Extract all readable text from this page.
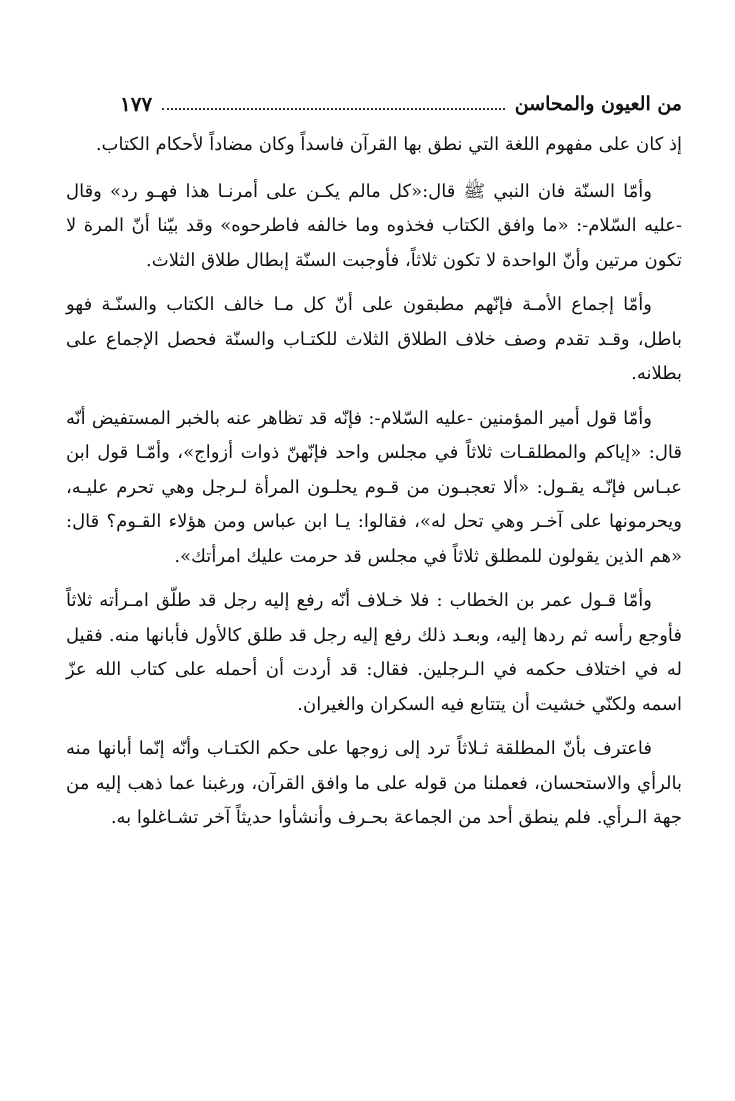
من العيون والمحاسن
١٧٧

إذ كان على مفهوم اللغة التي نطق بها القرآن فاسداً وكان مضاداً لأحكام الكتاب.

وأمّا السنّة فان النبي ﷺ قال:«كل مالم يكـن على أمرنـا هذا فهـو رد» وقال -عليه السّلام-: «ما وافق الكتاب فخذوه وما خالفه فاطرحوه» وقد بيّنا أنّ المرة لا تكون مرتين وأنّ الواحدة لا تكون ثلاثاً، فأوجبت السنّة إبطال طلاق الثلاث.

وأمّا إجماع الأمـة فإنّهم مطبقون على أنّ كل مـا خالف الكتاب والسنّـة فهو باطل، وقـد تقدم وصف خلاف الطلاق الثلاث للكتـاب والسنّة فحصل الإجماع على بطلانه.

وأمّا قول أمير المؤمنين -عليه السّلام-: فإنّه قد تظاهر عنه بالخبر المستفيض أنّه قال: «إياكم والمطلقـات ثلاثاً في مجلس واحد فإنّهنّ ذوات أزواج»، وأمّـا قول ابن عبـاس فإنّـه يقـول: «ألا تعجبـون من قـوم يحلـون المرأة لـرجل وهي تحرم عليـه، ويحرمونها على آخـر وهي تحل له»، فقالوا: يـا ابن عباس ومن هؤلاء القـوم؟ قال: «هم الذين يقولون للمطلق ثلاثاً في مجلس قد حرمت عليك امرأتك».

وأمّا قـول عمر بن الخطاب : فلا خـلاف أنّه رفع إليه رجل قد طلّق امـرأته ثلاثاً فأوجع رأسه ثم ردها إليه، وبعـد ذلك رفع إليه رجل قد طلق كالأول فأبانها منه. فقيل له في اختلاف حكمه في الـرجلين. فقال: قد أردت أن أحمله على كتاب الله عزّ اسمه ولكنّي خشيت أن يتتابع فيه السكران والغيران.

فاعترف بأنّ المطلقة ثـلاثاً ترد إلى زوجها على حكم الكتـاب وأنّه إنّما أبانها منه بالرأي والاستحسان، فعملنا من قوله على ما وافق القرآن، ورغبنا عما ذهب إليه من جهة الـرأي. فلم ينطق أحد من الجماعة بحـرف وأنشأوا حديثاً آخر تشـاغلوا به.
